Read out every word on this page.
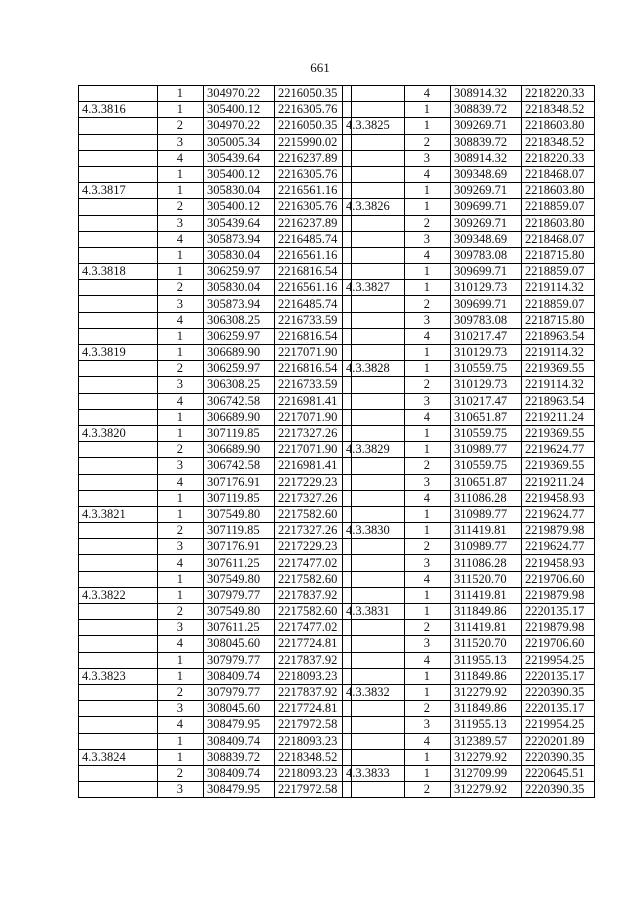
661
	1	304970.22	2216050.35
4.3.3816	1	305400.12	2216305.76
	2	304970.22	2216050.35
	3	305005.34	2215990.02
	4	305439.64	2216237.89
	1	305400.12	2216305.76
4.3.3817	1	305830.04	2216561.16
	2	305400.12	2216305.76
	3	305439.64	2216237.89
	4	305873.94	2216485.74
	1	305830.04	2216561.16
4.3.3818	1	306259.97	2216816.54
	2	305830.04	2216561.16
	3	305873.94	2216485.74
	4	306308.25	2216733.59
	1	306259.97	2216816.54
4.3.3819	1	306689.90	2217071.90
	2	306259.97	2216816.54
	3	306308.25	2216733.59
	4	306742.58	2216981.41
	1	306689.90	2217071.90
4.3.3820	1	307119.85	2217327.26
	2	306689.90	2217071.90
	3	306742.58	2216981.41
	4	307176.91	2217229.23
	1	307119.85	2217327.26
4.3.3821	1	307549.80	2217582.60
	2	307119.85	2217327.26
	3	307176.91	2217229.23
	4	307611.25	2217477.02
	1	307549.80	2217582.60
4.3.3822	1	307979.77	2217837.92
	2	307549.80	2217582.60
	3	307611.25	2217477.02
	4	308045.60	2217724.81
	1	307979.77	2217837.92
4.3.3823	1	308409.74	2218093.23
	2	307979.77	2217837.92
	3	308045.60	2217724.81
	4	308479.95	2217972.58
	1	308409.74	2218093.23
4.3.3824	1	308839.72	2218348.52
	2	308409.74	2218093.23
	3	308479.95	2217972.58
	4	308914.32	2218220.33
	1	308839.72	2218348.52
4.3.3825	1	309269.71	2218603.80
	2	308839.72	2218348.52
	3	308914.32	2218220.33
	4	309348.69	2218468.07
	1	309269.71	2218603.80
4.3.3826	1	309699.71	2218859.07
	2	309269.71	2218603.80
	3	309348.69	2218468.07
	4	309783.08	2218715.80
	1	309699.71	2218859.07
4.3.3827	1	310129.73	2219114.32
	2	309699.71	2218859.07
	3	309783.08	2218715.80
	4	310217.47	2218963.54
	1	310129.73	2219114.32
4.3.3828	1	310559.75	2219369.55
	2	310129.73	2219114.32
	3	310217.47	2218963.54
	4	310651.87	2219211.24
	1	310559.75	2219369.55
4.3.3829	1	310989.77	2219624.77
	2	310559.75	2219369.55
	3	310651.87	2219211.24
	4	311086.28	2219458.93
	1	310989.77	2219624.77
4.3.3830	1	311419.81	2219879.98
	2	310989.77	2219624.77
	3	311086.28	2219458.93
	4	311520.70	2219706.60
	1	311419.81	2219879.98
4.3.3831	1	311849.86	2220135.17
	2	311419.81	2219879.98
	3	311520.70	2219706.60
	4	311955.13	2219954.25
	1	311849.86	2220135.17
4.3.3832	1	312279.92	2220390.35
	2	311849.86	2220135.17
	3	311955.13	2219954.25
	4	312389.57	2220201.89
	1	312279.92	2220390.35
4.3.3833	1	312709.99	2220645.51
	2	312279.92	2220390.35
